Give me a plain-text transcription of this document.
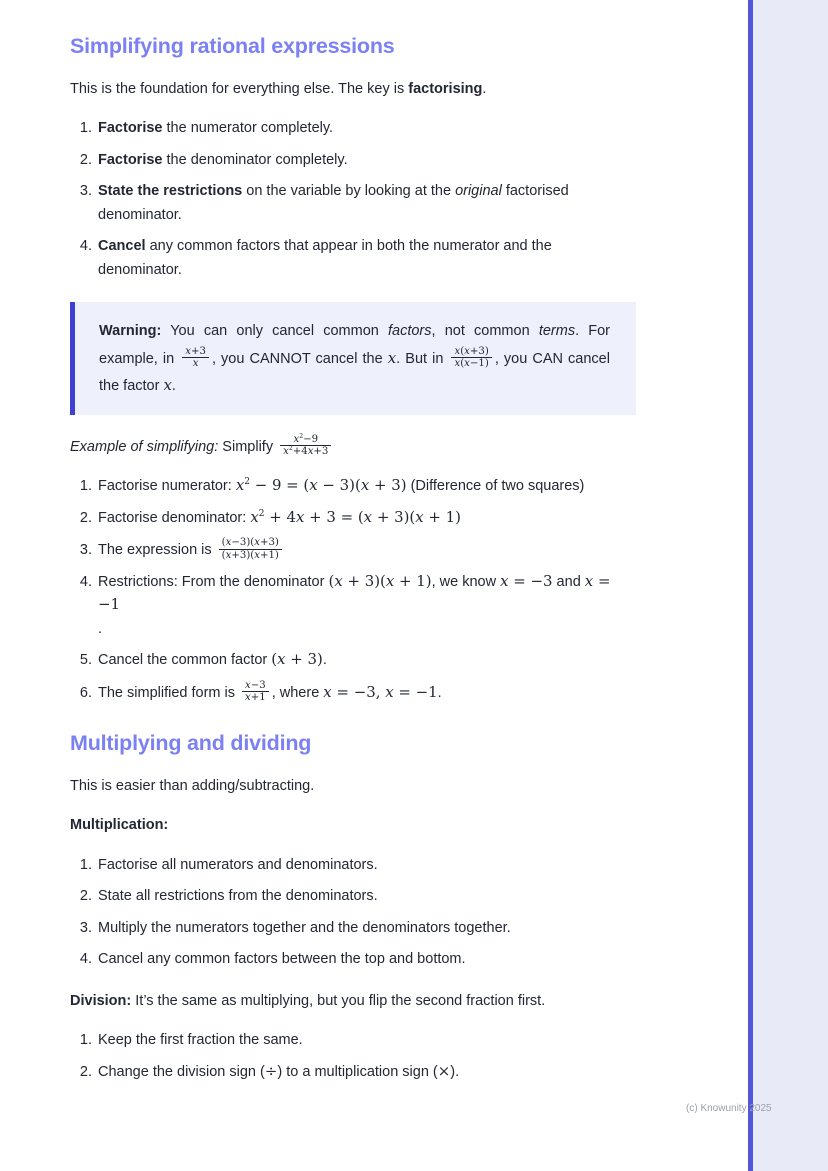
Simplifying rational expressions

This is the foundation for everything else. The key is factorising.

1. Factorise the numerator completely.
2. Factorise the denominator completely.
3. State the restrictions on the variable by looking at the original factorised denominator.
4. Cancel any common factors that appear in both the numerator and the denominator.

Warning: You can only cancel common factors, not common terms. For example, in $\frac{x+3}{x}$ , you CANNOT cancel the x. But in $\frac{x(x+3)}{x(x-1)}$ , you CAN cancel the factor x.

Example of simplifying: Simplify $\frac{x^2-9}{x^2+4x+3}$

1. Factorise numerator: $x^2 - 9 = (x - 3)(x + 3)$ (Difference of two squares)
2. Factorise denominator: $x^2 + 4x + 3 = (x + 3)(x + 1)$
3. The expression is $\frac{(x-3)(x+3)}{(x+3)(x+1)}$
4. Restrictions: From the denominator (x + 3)(x + 1), we know x = −3 and x = −1
.
5. Cancel the common factor (x + 3).
6. The simplified form is $\frac{x-3}{x+1}$ , where x = −3, x = −1.
Multiplying and dividing

This is easier than adding/subtracting.

Multiplication:

1. Factorise all numerators and denominators.
2. State all restrictions from the denominators.
3. Multiply the numerators together and the denominators together.
4. Cancel any common factors between the top and bottom.

Division: It’s the same as multiplying, but you flip the second fraction first.

1. Keep the first fraction the same.
2. Change the division sign (÷) to a multiplication sign (×).
(c) Knowunity 2025
